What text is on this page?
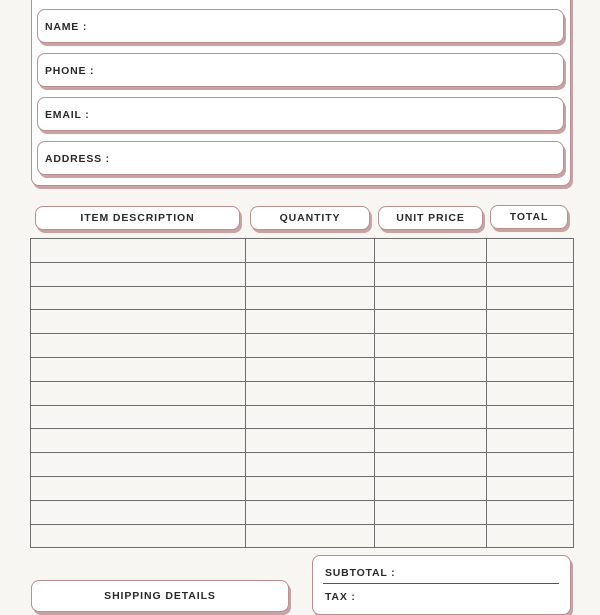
NAME :
PHONE :
EMAIL :
ADDRESS :
ITEM DESCRIPTION	QUANTITY	UNIT PRICE	TOTAL

SHIPPING DETAILS
SUBTOTAL :
TAX :
